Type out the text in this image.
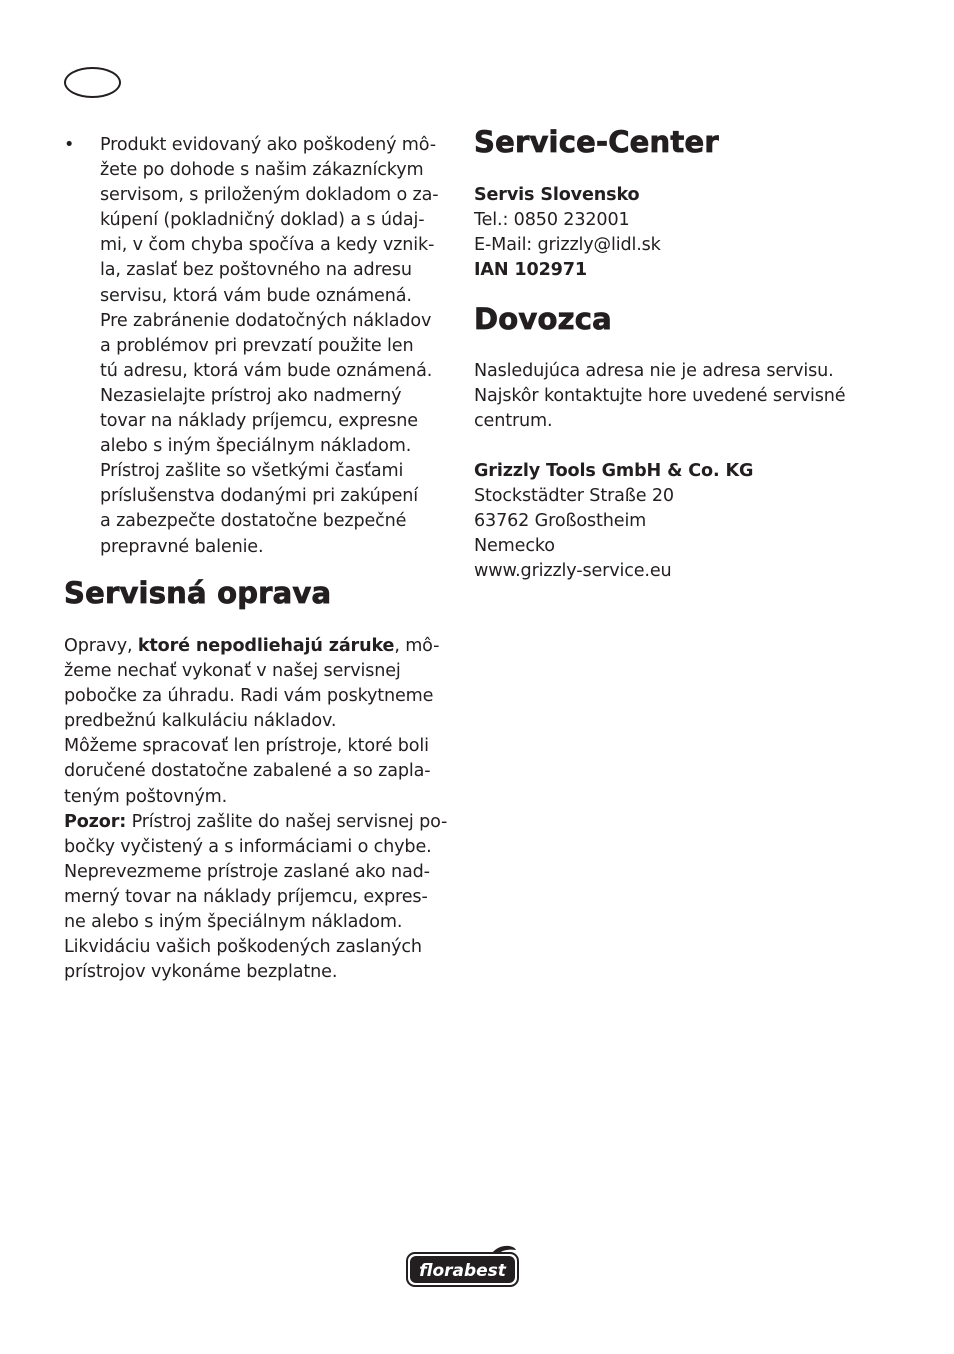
• Produkt evidovaný ako poškodený mô-
žete po dohode s našim zákazníckym
servisom, s priloženým dokladom o za-
kúpení (pokladničný doklad) a s údaj-
mi, v čom chyba spočíva a kedy vznik-
la, zaslať bez poštovného na adresu
servisu, ktorá vám bude oznámená.
Pre zabránenie dodatočných nákladov
a problémov pri prevzatí použite len
tú adresu, ktorá vám bude oznámená.
Nezasielajte prístroj ako nadmerný
tovar na náklady príjemcu, expresne
alebo s iným špeciálnym nákladom.
Prístroj zašlite so všetkými časťami
príslušenstva dodanými pri zakúpení
a zabezpečte dostatočne bezpečné
prepravné balenie.
Servisná oprava
Opravy, ktoré nepodliehajú záruke, mô-
žeme nechať vykonať v našej servisnej
pobočke za úhradu. Radi vám poskytneme
predbežnú kalkuláciu nákladov.
Môžeme spracovať len prístroje, ktoré boli
doručené dostatočne zabalené a so zapla-
teným poštovným.
Pozor: Prístroj zašlite do našej servisnej po-
bočky vyčistený a s informáciami o chybe.
Neprevezmeme prístroje zaslané ako nad-
merný tovar na náklady príjemcu, expres-
ne alebo s iným špeciálnym nákladom.
Likvidáciu vašich poškodených zaslaných
prístrojov vykonáme bezplatne.
Service-Center
Servis Slovensko
Tel.: 0850 232001
E-Mail: grizzly@lidl.sk
IAN 102971
Dovozca
Nasledujúca adresa nie je adresa servisu.
Najskôr kontaktujte hore uvedené servisné
centrum.
Grizzly Tools GmbH & Co. KG
Stockstädter Straße 20
63762 Großostheim
Nemecko
www.grizzly-service.eu
florabest
